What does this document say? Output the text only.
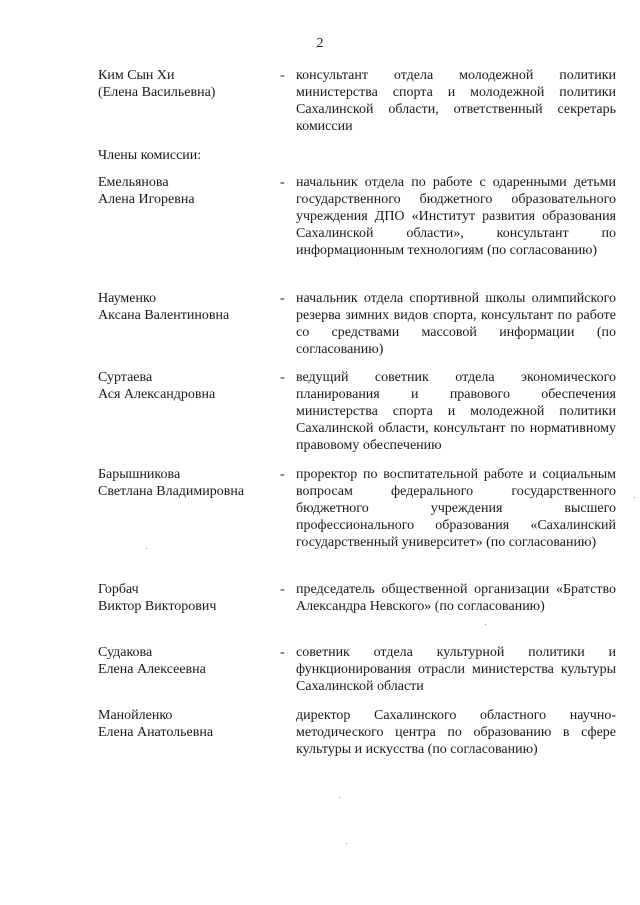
2
Ким Сын Хи
(Елена Васильевна)
- консультант отдела молодежной политики министерства спорта и молодежной политики Сахалинской области, ответственный секретарь комиссии
Члены комиссии:
Емельянова
Алена Игоревна
- начальник отдела по работе с одаренными детьми государственного бюджетного образовательного учреждения ДПО «Институт развития образования Сахалинской области», консультант по информационным технологиям (по согласованию)
Науменко
Аксана Валентиновна
- начальник отдела спортивной школы олимпийского резерва зимних видов спорта, консультант по работе со средствами массовой информации (по согласованию)
Суртаева
Ася Александровна
- ведущий советник отдела экономического планирования и правового обеспечения министерства спорта и молодежной политики Сахалинской области, консультант по нормативному правовому обеспечению
Барышникова
Светлана Владимировна
- проректор по воспитательной работе и социальным вопросам федерального государственного бюджетного учреждения высшего профессионального образования «Сахалинский государственный университет» (по согласованию)
Горбач
Виктор Викторович
- председатель общественной организации «Братство Александра Невского» (по согласованию)
Судакова
Елена Алексеевна
- советник отдела культурной политики и функционирования отрасли министерства культуры Сахалинской области
Манойленко
Елена Анатольевна
директор Сахалинского областного научно-методического центра по образованию в сфере культуры и искусства (по согласованию)
